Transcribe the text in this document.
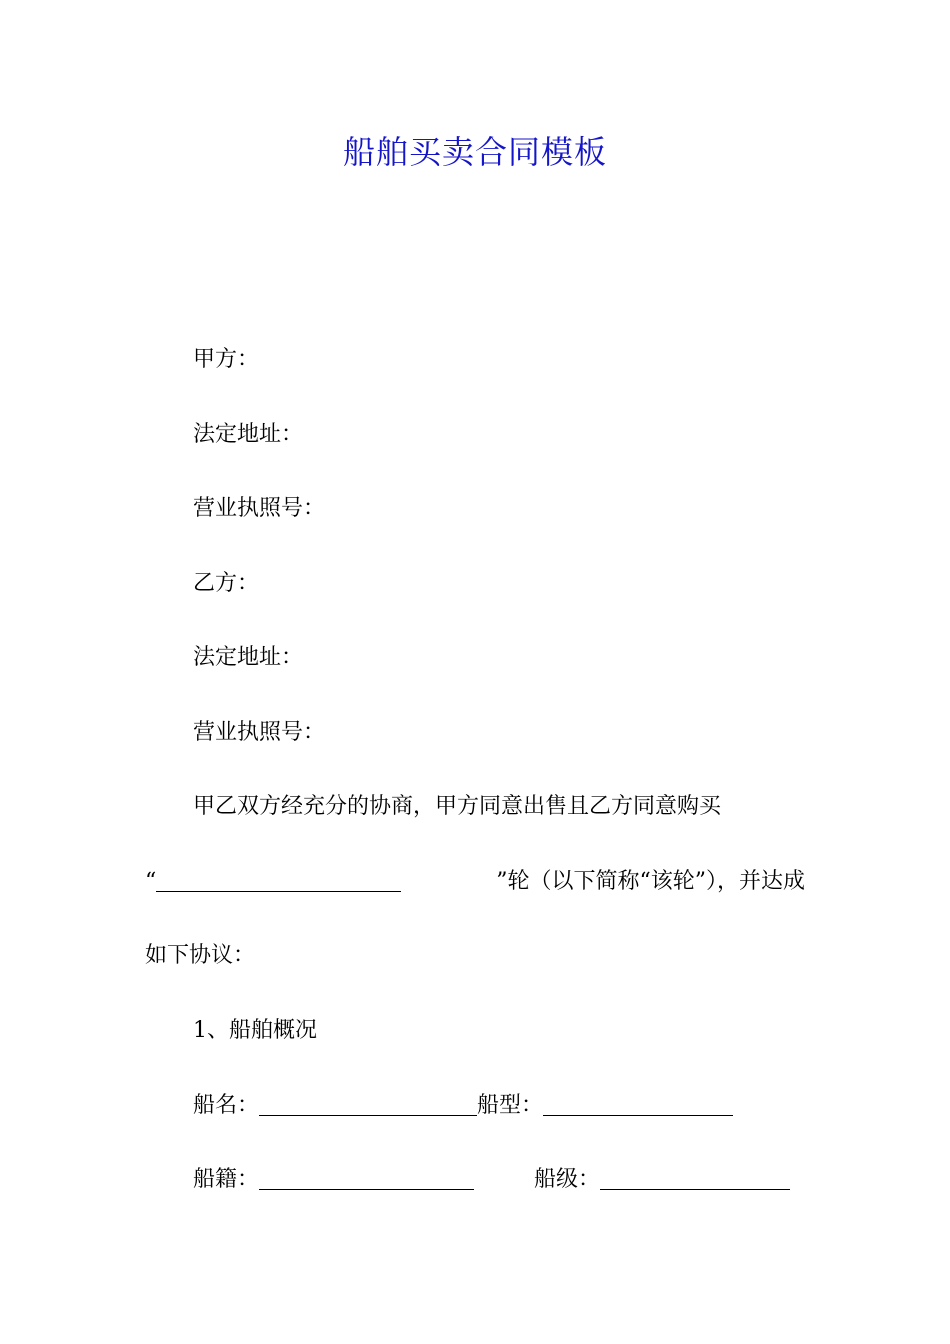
船舶买卖合同模板
甲方：
法定地址：
营业执照号：
乙方：
法定地址：
营业执照号：
甲乙双方经充分的协商，甲方同意出售且乙方同意购买
“	”轮（以下简称“该轮”），并达成
如下协议：
1、船舶概况
船名：	船型：
船籍：	船级：
